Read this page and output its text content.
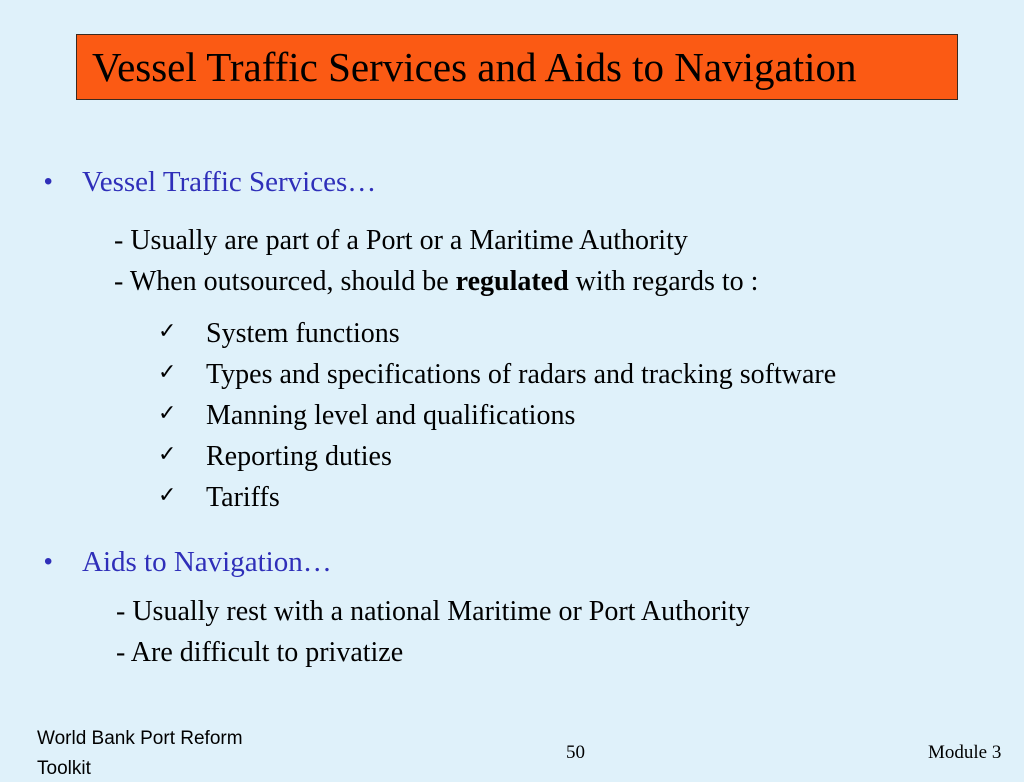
Vessel Traffic Services and Aids to Navigation
• Vessel Traffic Services…
- Usually are part of a Port or a Maritime Authority
- When outsourced, should be regulated with regards to :
✓ System functions
✓ Types and specifications of radars and tracking software
✓ Manning level and qualifications
✓ Reporting duties
✓ Tariffs
• Aids to Navigation…
- Usually rest with a national Maritime or Port Authority
- Are difficult to privatize
World Bank Port Reform
Toolkit
50	Module 3
